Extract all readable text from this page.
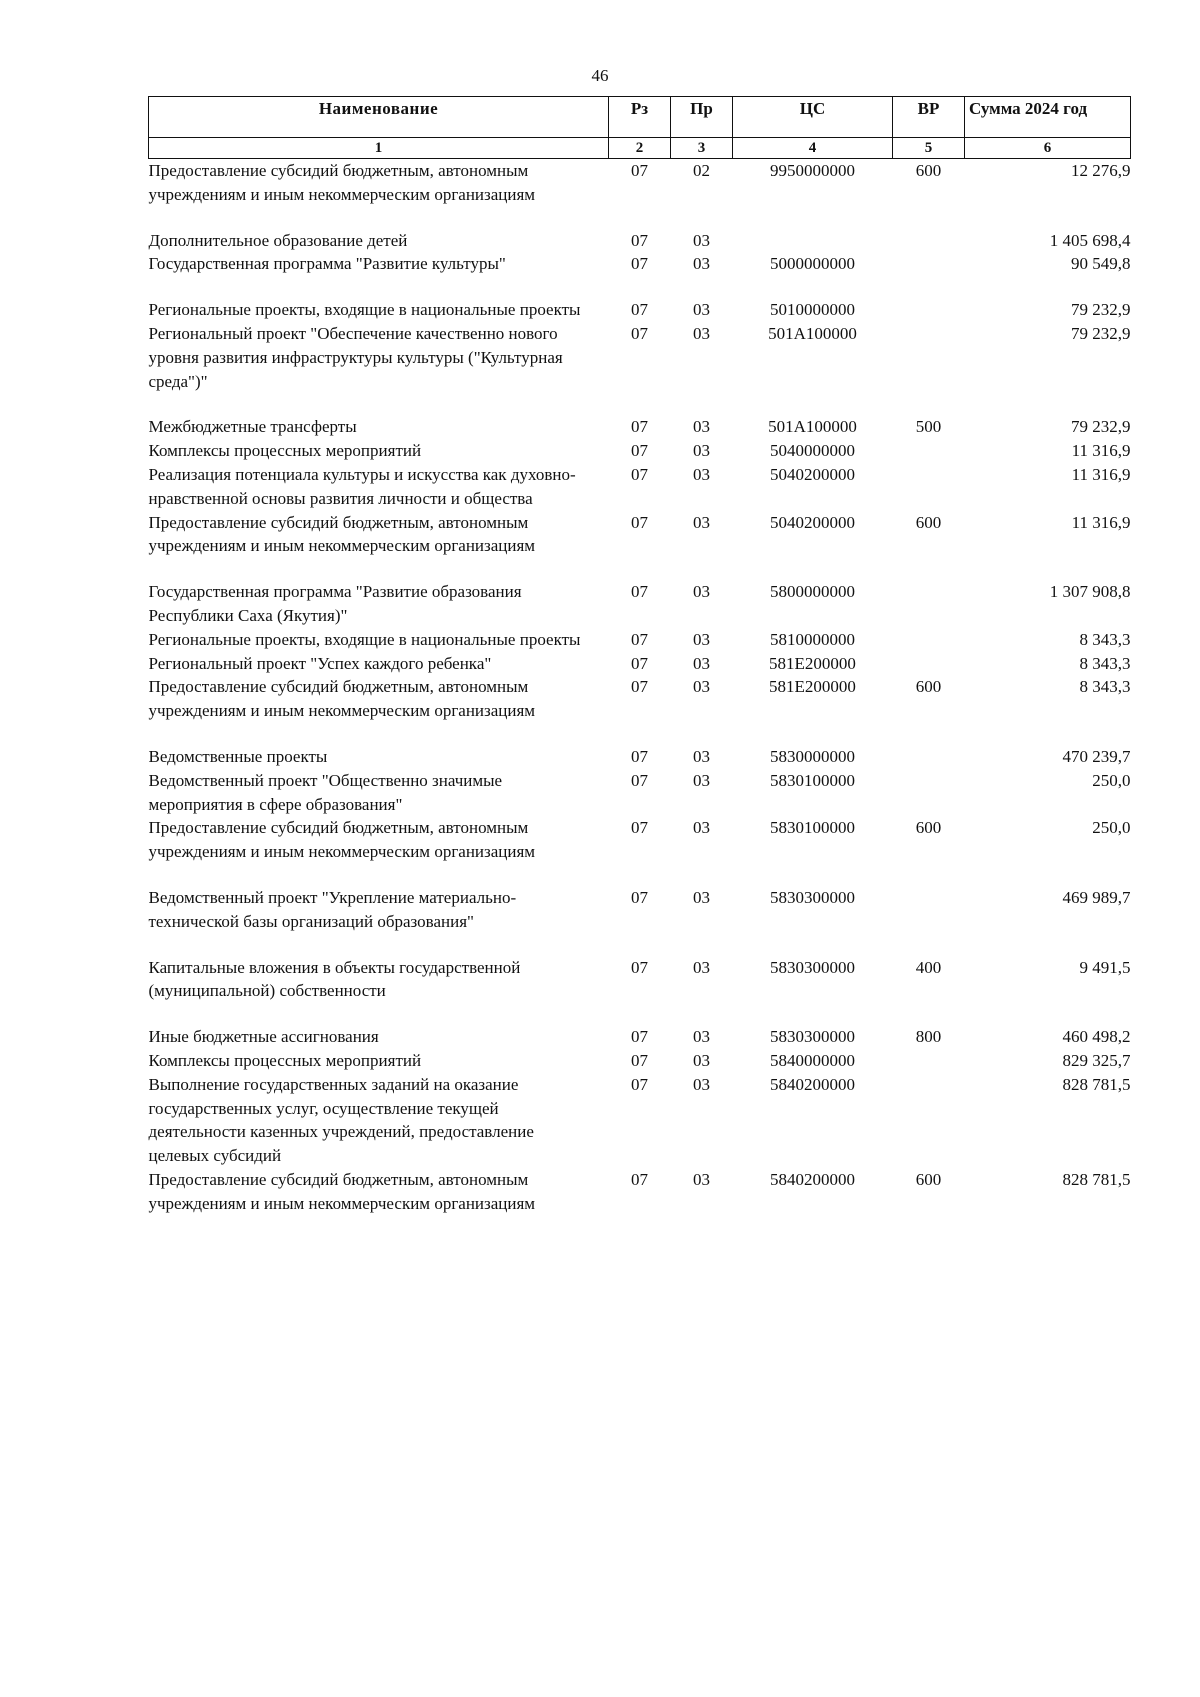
46
Наименование	Рз	Пр	ЦС	ВР	Сумма 2024 год
1	2	3	4	5	6
Предоставление субсидий бюджетным, автономным учреждениям и иным некоммерческим организациям	07	02	9950000000	600	12 276,9
Дополнительное образование детей	07	03			1 405 698,4
Государственная программа "Развитие культуры"	07	03	5000000000		90 549,8
Региональные проекты, входящие в национальные проекты	07	03	5010000000		79 232,9
Региональный проект "Обеспечение качественно нового уровня развития инфраструктуры культуры ("Культурная среда")"	07	03	501A100000		79 232,9
Межбюджетные трансферты	07	03	501A100000	500	79 232,9
Комплексы процессных мероприятий	07	03	5040000000		11 316,9
Реализация потенциала культуры и искусства как духовно-нравственной основы развития личности и общества	07	03	5040200000		11 316,9
Предоставление субсидий бюджетным, автономным учреждениям и иным некоммерческим организациям	07	03	5040200000	600	11 316,9
Государственная программа "Развитие образования Республики Саха (Якутия)"	07	03	5800000000		1 307 908,8
Региональные проекты, входящие в национальные проекты	07	03	5810000000		8 343,3
Региональный проект "Успех каждого ребенка"	07	03	581E200000		8 343,3
Предоставление субсидий бюджетным, автономным учреждениям и иным некоммерческим организациям	07	03	581E200000	600	8 343,3
Ведомственные проекты	07	03	5830000000		470 239,7
Ведомственный проект "Общественно значимые мероприятия в сфере образования"	07	03	5830100000		250,0
Предоставление субсидий бюджетным, автономным учреждениям и иным некоммерческим организациям	07	03	5830100000	600	250,0
Ведомственный проект "Укрепление материально-технической базы организаций образования"	07	03	5830300000		469 989,7
Капитальные вложения в объекты государственной (муниципальной) собственности	07	03	5830300000	400	9 491,5
Иные бюджетные ассигнования	07	03	5830300000	800	460 498,2
Комплексы процессных мероприятий	07	03	5840000000		829 325,7
Выполнение государственных заданий на оказание государственных услуг, осуществление текущей деятельности казенных учреждений, предоставление целевых субсидий	07	03	5840200000		828 781,5
Предоставление субсидий бюджетным, автономным учреждениям и иным некоммерческим организациям	07	03	5840200000	600	828 781,5
